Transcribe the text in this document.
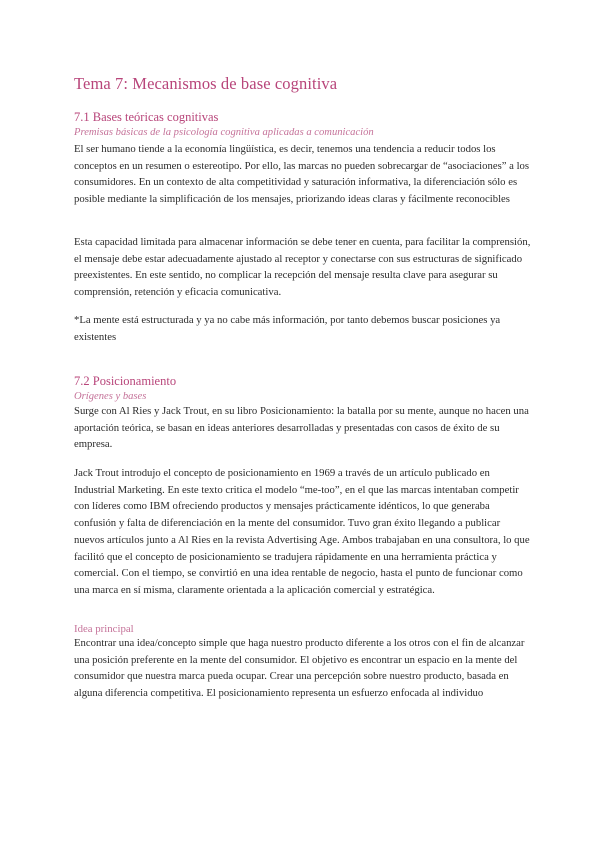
Tema 7: Mecanismos de base cognitiva
7.1 Bases teóricas cognitivas

Premisas básicas de la psicología cognitiva aplicadas a comunicación

El ser humano tiende a la economía lingüística, es decir, tenemos una tendencia a reducir todos los conceptos en un resumen o estereotipo. Por ello, las marcas no pueden sobrecargar de “asociaciones” a los consumidores. En un contexto de alta competitividad y saturación informativa, la diferenciación sólo es posible mediante la simplificación de los mensajes, priorizando ideas claras y fácilmente reconocibles

Esta capacidad limitada para almacenar información se debe tener en cuenta, para facilitar la comprensión, el mensaje debe estar adecuadamente ajustado al receptor y conectarse con sus estructuras de significado preexistentes. En este sentido, no complicar la recepción del mensaje resulta clave para asegurar su comprensión, retención y eficacia comunicativa.

*La mente está estructurada y ya no cabe más información, por tanto debemos buscar posiciones ya existentes

7.2 Posicionamiento

Orígenes y bases

Surge con Al Ries y Jack Trout, en su libro Posicionamiento: la batalla por su mente, aunque no hacen una aportación teórica, se basan en ideas anteriores desarrolladas y presentadas con casos de éxito de su empresa.

Jack Trout introdujo el concepto de posicionamiento en 1969 a través de un artículo publicado en Industrial Marketing. En este texto critica el modelo “me-too”, en el que las marcas intentaban competir con líderes como IBM ofreciendo productos y mensajes prácticamente idénticos, lo que generaba confusión y falta de diferenciación en la mente del consumidor. Tuvo gran éxito llegando a publicar nuevos artículos junto a Al Ries en la revista Advertising Age. Ambos trabajaban en una consultora, lo que facilitó que el concepto de posicionamiento se tradujera rápidamente en una herramienta práctica y comercial. Con el tiempo, se convirtió en una idea rentable de negocio, hasta el punto de funcionar como una marca en sí misma, claramente orientada a la aplicación comercial y estratégica.

Idea principal

Encontrar una idea/concepto simple que haga nuestro producto diferente a los otros con el fin de alcanzar una posición preferente en la mente del consumidor. El objetivo es encontrar un espacio en la mente del consumidor que nuestra marca pueda ocupar. Crear una percepción sobre nuestro producto, basada en alguna diferencia competitiva. El posicionamiento representa un esfuerzo enfocada al individuo
